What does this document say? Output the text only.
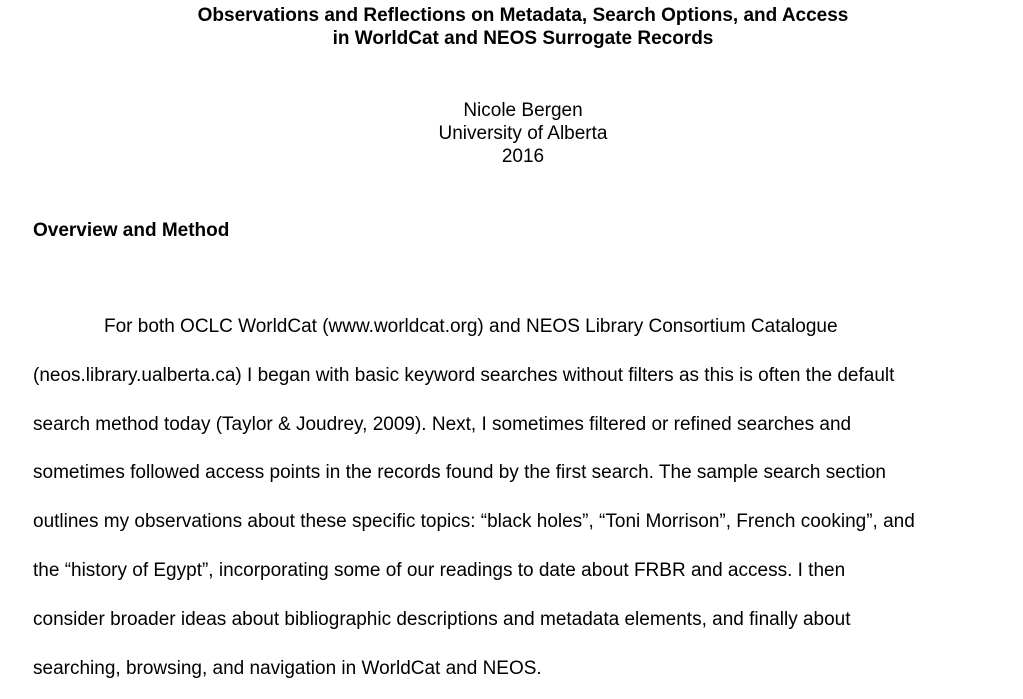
Observations and Reflections on Metadata, Search Options, and Access
in WorldCat and NEOS Surrogate Records
Nicole Bergen
University of Alberta
2016
Overview and Method
For both OCLC WorldCat (www.worldcat.org) and NEOS Library Consortium Catalogue
(neos.library.ualberta.ca) I began with basic keyword searches without filters as this is often the default
search method today (Taylor & Joudrey, 2009). Next, I sometimes filtered or refined searches and
sometimes followed access points in the records found by the first search. The sample search section
outlines my observations about these specific topics: “black holes”, “Toni Morrison”, French cooking”, and
the “history of Egypt”, incorporating some of our readings to date about FRBR and access. I then
consider broader ideas about bibliographic descriptions and metadata elements, and finally about
searching, browsing, and navigation in WorldCat and NEOS.
